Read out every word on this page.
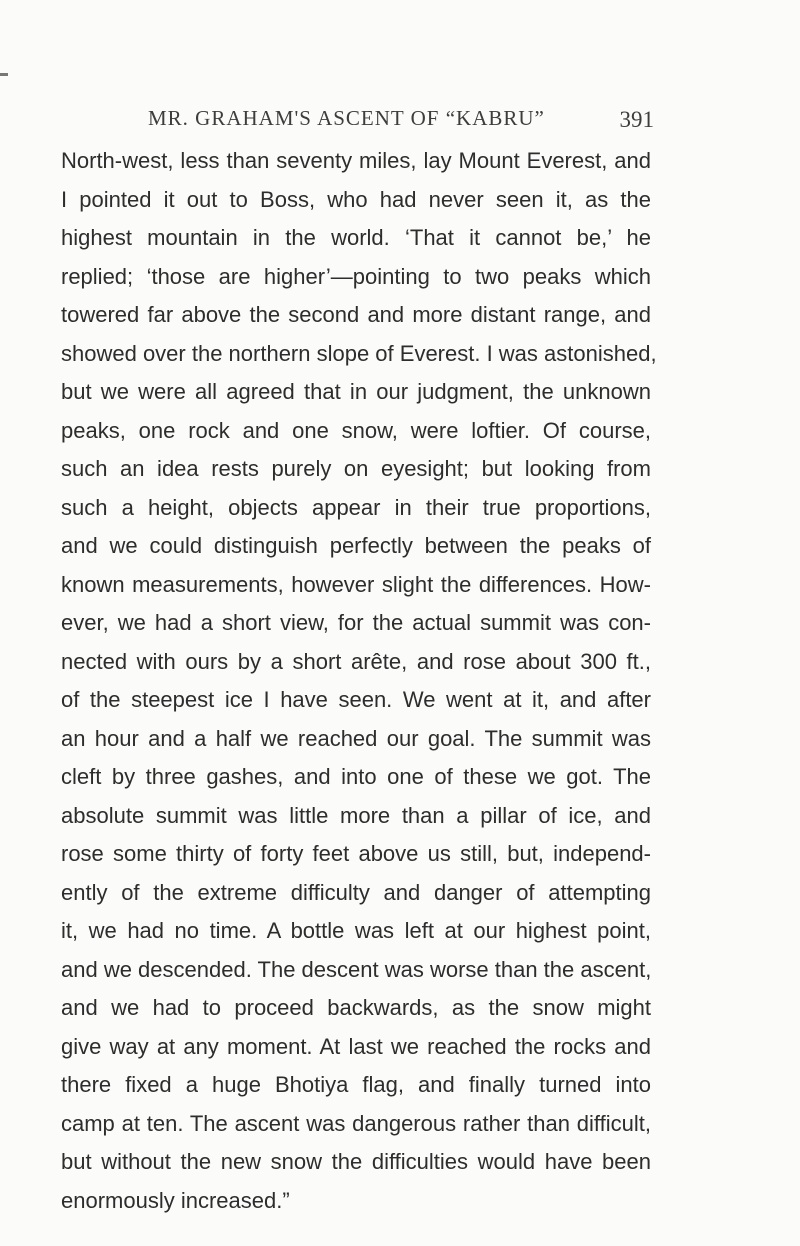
MR. GRAHAM'S ASCENT OF “KABRU”	391
North-west, less than seventy miles, lay Mount Everest, and
I pointed it out to Boss, who had never seen it, as the
highest mountain in the world. ‘That it cannot be,’ he
replied; ‘those are higher’—pointing to two peaks which
towered far above the second and more distant range, and
showed over the northern slope of Everest. I was astonished,
but we were all agreed that in our judgment, the unknown
peaks, one rock and one snow, were loftier. Of course,
such an idea rests purely on eyesight; but looking from
such a height, objects appear in their true proportions,
and we could distinguish perfectly between the peaks of
known measurements, however slight the differences. How-
ever, we had a short view, for the actual summit was con-
nected with ours by a short arête, and rose about 300 ft.,
of the steepest ice I have seen. We went at it, and after
an hour and a half we reached our goal. The summit was
cleft by three gashes, and into one of these we got. The
absolute summit was little more than a pillar of ice, and
rose some thirty of forty feet above us still, but, independ-
ently of the extreme difficulty and danger of attempting
it, we had no time. A bottle was left at our highest point,
and we descended. The descent was worse than the ascent,
and we had to proceed backwards, as the snow might
give way at any moment. At last we reached the rocks and
there fixed a huge Bhotiya flag, and finally turned into
camp at ten. The ascent was dangerous rather than difficult,
but without the new snow the difficulties would have been
enormously increased.”
